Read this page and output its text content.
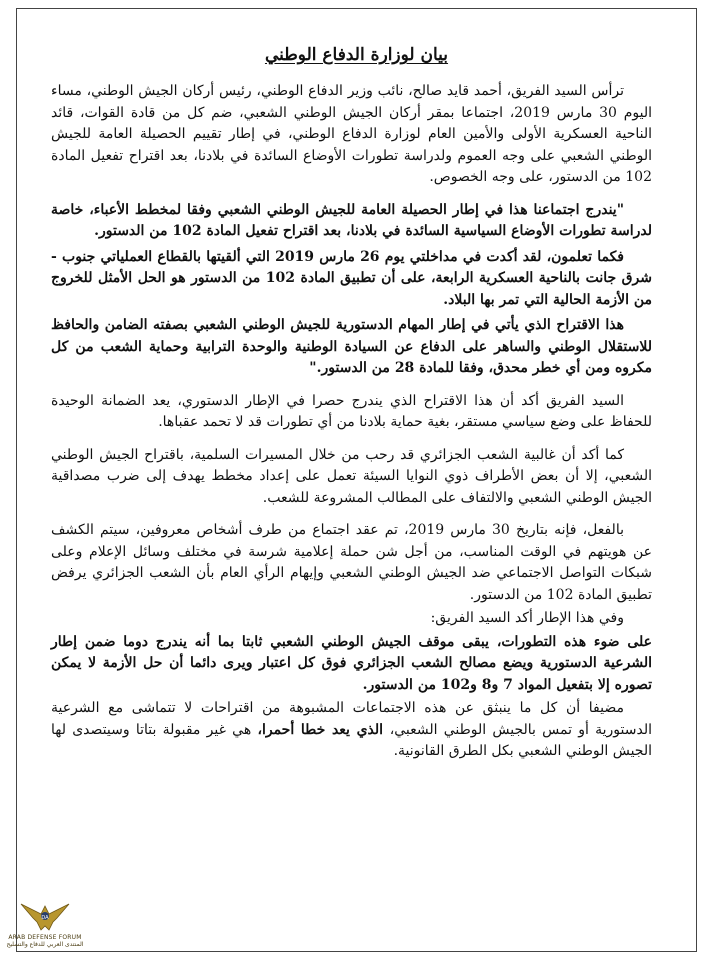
بيان لوزارة الدفاع الوطني

ترأس السيد الفريق، أحمد قايد صالح، نائب وزير الدفاع الوطني، رئيس أركان الجيش الوطني، مساء اليوم 30 مارس 2019، اجتماعا بمقر أركان الجيش الوطني الشعبي، ضم كل من قادة القوات، قائد الناحية العسكرية الأولى والأمين العام لوزارة الدفاع الوطني، في إطار تقييم الحصيلة العامة للجيش الوطني الشعبي على وجه العموم ولدراسة تطورات الأوضاع السائدة في بلادنا، بعد اقتراح تفعيل المادة 102 من الدستور، على وجه الخصوص.

"يندرج اجتماعنا هذا في إطار الحصيلة العامة للجيش الوطني الشعبي وفقا لمخطط الأعباء، خاصة لدراسة تطورات الأوضاع السياسية السائدة في بلادنا، بعد اقتراح تفعيل المادة 102 من الدستور.

فكما تعلمون، لقد أكدت في مداخلتي يوم 26 مارس 2019 التي ألقيتها بالقطاع العملياتي جنوب - شرق جانت بالناحية العسكرية الرابعة، على أن تطبيق المادة 102 من الدستور هو الحل الأمثل للخروج من الأزمة الحالية التي تمر بها البلاد.

هذا الاقتراح الذي يأتي في إطار المهام الدستورية للجيش الوطني الشعبي بصفته الضامن والحافظ للاستقلال الوطني والساهر على الدفاع عن السيادة الوطنية والوحدة الترابية وحماية الشعب من كل مكروه ومن أي خطر محدق، وفقا للمادة 28 من الدستور."

السيد الفريق أكد أن هذا الاقتراح الذي يندرج حصرا في الإطار الدستوري، يعد الضمانة الوحيدة للحفاظ على وضع سياسي مستقر، بغية حماية بلادنا من أي تطورات قد لا تحمد عقباها.

كما أكد أن غالبية الشعب الجزائري قد رحب من خلال المسيرات السلمية، باقتراح الجيش الوطني الشعبي، إلا أن بعض الأطراف ذوي النوايا السيئة تعمل على إعداد مخطط يهدف إلى ضرب مصداقية الجيش الوطني الشعبي والالتفاف على المطالب المشروعة للشعب.

بالفعل، فإنه بتاريخ 30 مارس 2019، تم عقد اجتماع من طرف أشخاص معروفين، سيتم الكشف عن هويتهم في الوقت المناسب، من أجل شن حملة إعلامية شرسة في مختلف وسائل الإعلام وعلى شبكات التواصل الاجتماعي ضد الجيش الوطني الشعبي وإيهام الرأي العام بأن الشعب الجزائري يرفض تطبيق المادة 102 من الدستور.

وفي هذا الإطار أكد السيد الفريق:

على ضوء هذه التطورات، يبقى موقف الجيش الوطني الشعبي ثابتا بما أنه يندرج دوما ضمن إطار الشرعية الدستورية ويضع مصالح الشعب الجزائري فوق كل اعتبار ويرى دائما أن حل الأزمة لا يمكن تصوره إلا بتفعيل المواد 7 و8 و102 من الدستور.

مضيفا أن كل ما ينبثق عن هذه الاجتماعات المشبوهة من اقتراحات لا تتماشى مع الشرعية الدستورية أو تمس بالجيش الوطني الشعبي، الذي يعد خطا أحمرا، هي غير مقبولة بتاتا وسيتصدى لها الجيش الوطني الشعبي بكل الطرق القانونية.

DA
ARAB DEFENSE FORUM
المنتدى العربي للدفاع والتسليح
